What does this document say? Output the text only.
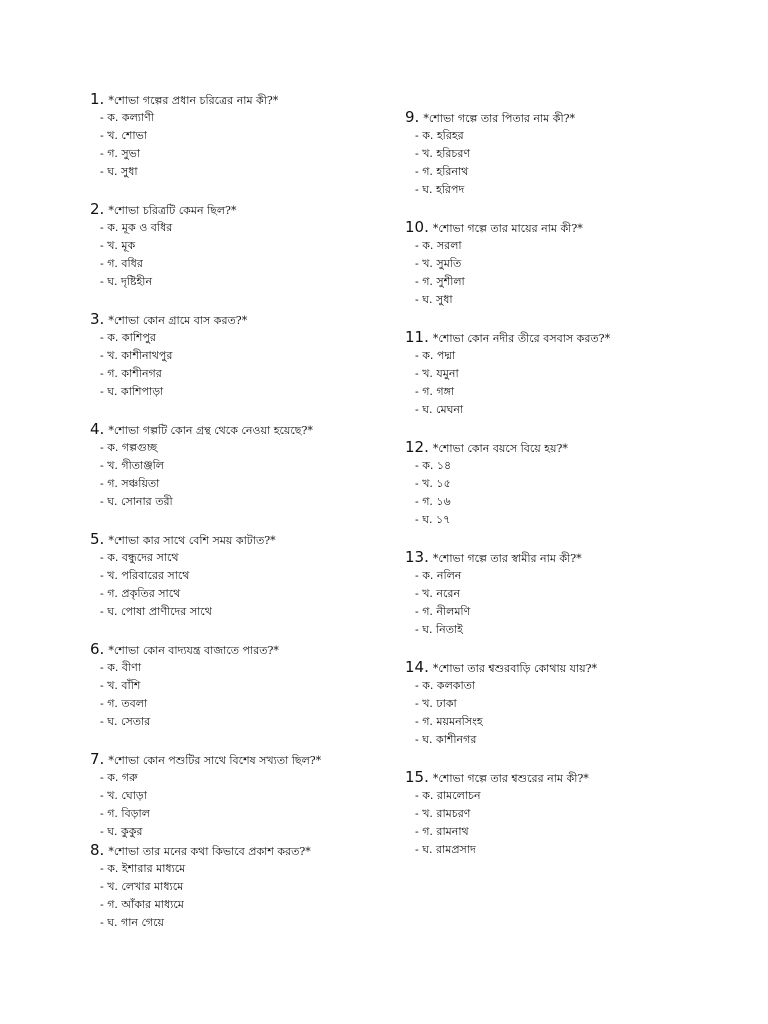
1. *শোভা গল্পের প্রধান চরিত্রের নাম কী?*
- ক. কল্যাণী
- খ. শোভা
- গ. সুভা
- ঘ. সুধা
2. *শোভা চরিত্রটি কেমন ছিল?*
- ক. মূক ও বধির
- খ. মূক
- গ. বধির
- ঘ. দৃষ্টিহীন
3. *শোভা কোন গ্রামে বাস করত?*
- ক. কাশিপুর
- খ. কাশীনাথপুর
- গ. কাশীনগর
- ঘ. কাশিপাড়া
4. *শোভা গল্পটি কোন গ্রন্থ থেকে নেওয়া হয়েছে?*
- ক. গল্পগুচ্ছ
- খ. গীতাঞ্জলি
- গ. সঞ্চয়িতা
- ঘ. সোনার তরী
5. *শোভা কার সাথে বেশি সময় কাটাত?*
- ক. বন্ধুদের সাথে
- খ. পরিবারের সাথে
- গ. প্রকৃতির সাথে
- ঘ. পোষা প্রাণীদের সাথে
6. *শোভা কোন বাদ্যযন্ত্র বাজাতে পারত?*
- ক. বীণা
- খ. বাঁশি
- গ. তবলা
- ঘ. সেতার
7. *শোভা কোন পশুটির সাথে বিশেষ সখ্যতা ছিল?*
- ক. গরু
- খ. ঘোড়া
- গ. বিড়াল
- ঘ. কুকুর
8. *শোভা তার মনের কথা কিভাবে প্রকাশ করত?*
- ক. ইশারার মাধ্যমে
- খ. লেখার মাধ্যমে
- গ. আঁকার মাধ্যমে
- ঘ. গান গেয়ে
9. *শোভা গল্পে তার পিতার নাম কী?*
- ক. হরিহর
- খ. হরিচরণ
- গ. হরিনাথ
- ঘ. হরিপদ
10. *শোভা গল্পে তার মায়ের নাম কী?*
- ক. সরলা
- খ. সুমতি
- গ. সুশীলা
- ঘ. সুধা
11. *শোভা কোন নদীর তীরে বসবাস করত?*
- ক. পদ্মা
- খ. যমুনা
- গ. গঙ্গা
- ঘ. মেঘনা
12. *শোভা কোন বয়সে বিয়ে হয়?*
- ক. ১৪
- খ. ১৫
- গ. ১৬
- ঘ. ১৭
13. *শোভা গল্পে তার স্বামীর নাম কী?*
- ক. নলিন
- খ. নরেন
- গ. নীলমণি
- ঘ. নিতাই
14. *শোভা তার শ্বশুরবাড়ি কোথায় যায়?*
- ক. কলকাতা
- খ. ঢাকা
- গ. ময়মনসিংহ
- ঘ. কাশীনগর
15. *শোভা গল্পে তার শ্বশুরের নাম কী?*
- ক. রামলোচন
- খ. রামচরণ
- গ. রামনাথ
- ঘ. রামপ্রসাদ
